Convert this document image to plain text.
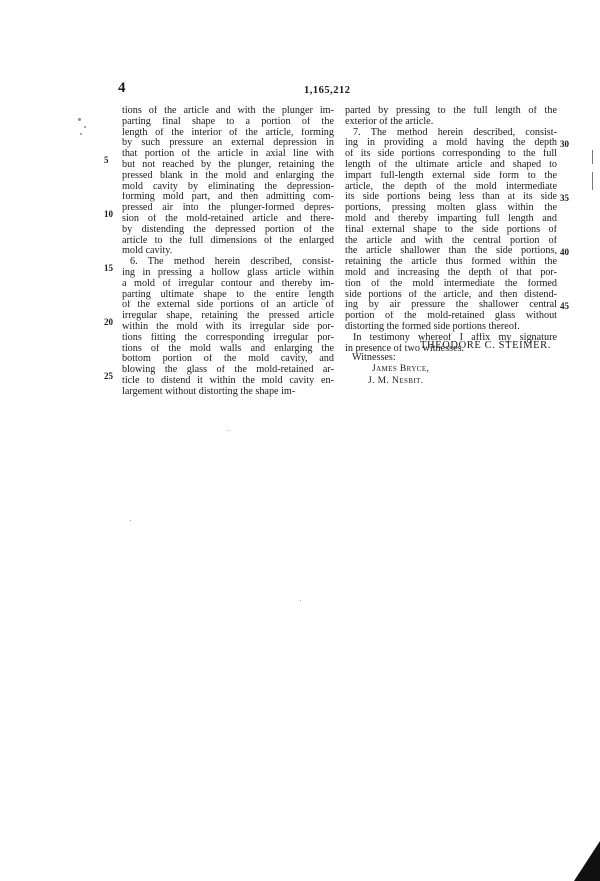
4	1,165,212
tions of the article and with the plunger im-
parting final shape to a portion of the
length of the interior of the article, forming
by such pressure an external depression in
that portion of the article in axial line with
but not reached by the plunger, retaining the
pressed blank in the mold and enlarging the
mold cavity by eliminating the depression-
forming mold part, and then admitting com-
pressed air into the plunger-formed depres-
sion of the mold-retained article and there-
by distending the depressed portion of the
article to the full dimensions of the enlarged
mold cavity.
6. The method herein described, consist-
ing in pressing a hollow glass article within
a mold of irregular contour and thereby im-
parting ultimate shape to the entire length
of the external side portions of an article of
irregular shape, retaining the pressed article
within the mold with its irregular side por-
tions fitting the corresponding irregular por-
tions of the mold walls and enlarging the
bottom portion of the mold cavity, and
blowing the glass of the mold-retained ar-
ticle to distend it within the mold cavity en-
largement without distorting the shape im-
parted by pressing to the full length of the
exterior of the article.
7. The method herein described, consist-
ing in providing a mold having the depth
of its side portions corresponding to the full
length of the ultimate article and shaped to
impart full-length external side form to the
article, the depth of the mold intermediate
its side portions being less than at its side
portions, pressing molten glass within the
mold and thereby imparting full length and
final external shape to the side portions of
the article and with the central portion of
the article shallower than the side portions,
retaining the article thus formed within the
mold and increasing the depth of that por-
tion of the mold intermediate the formed
side portions of the article, and then distend-
ing by air pressure the shallower central
portion of the mold-retained glass without
distorting the formed side portions thereof.
In testimony whereof I affix my signature
in presence of two witnesses.
5
10
15
20
25
30
35
40
45
THEODORE C. STEIMER.
Witnesses:
James Bryce,
J. M. Nesbit.
